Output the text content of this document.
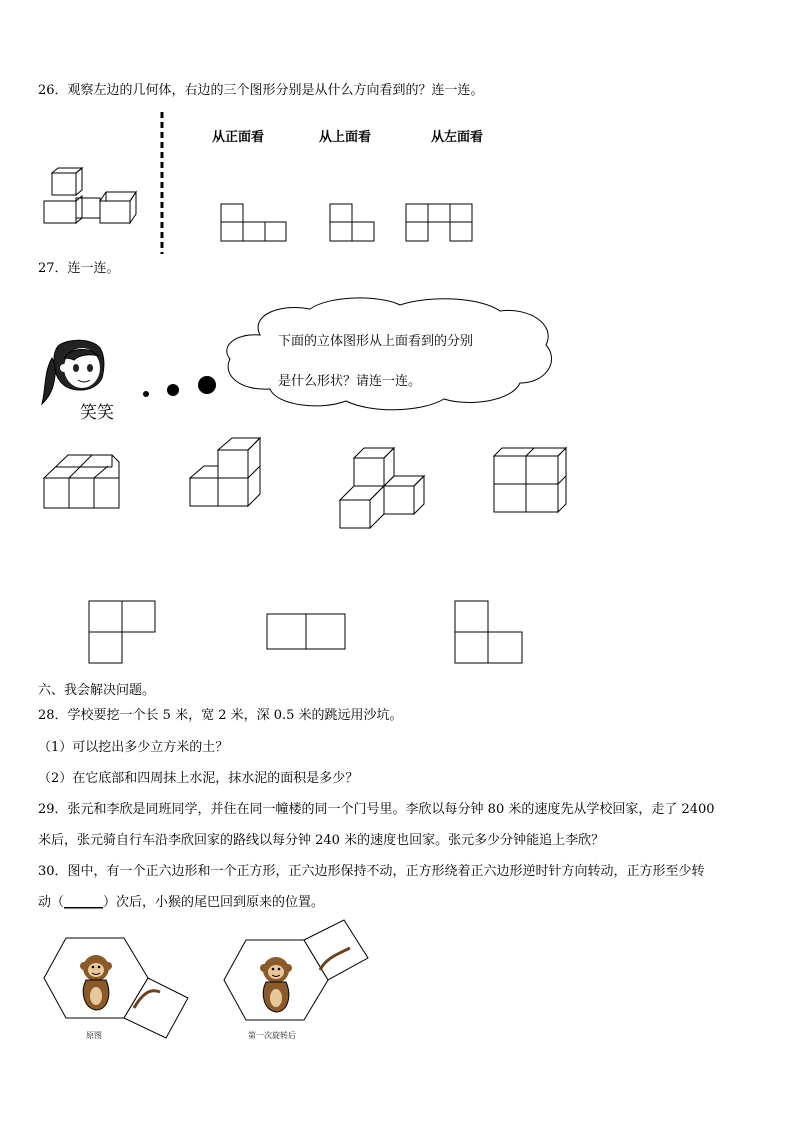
26．观察左边的几何体，右边的三个图形分别是从什么方向看到的？连一连。
从正面看	从上面看	从左面看
27．连一连。
笑笑
下面的立体图形从上面看到的分别
是什么形状？请连一连。
六、我会解决问题。
28．学校要挖一个长 5 米，宽 2 米，深 0.5 米的跳远用沙坑。
（1）可以挖出多少立方米的土？
（2）在它底部和四周抹上水泥，抹水泥的面积是多少？
29．张元和李欣是同班同学，并住在同一幢楼的同一个门号里。李欣以每分钟 80 米的速度先从学校回家，走了 2400
米后，张元骑自行车沿李欣回家的路线以每分钟 240 米的速度也回家。张元多少分钟能追上李欣？
30．图中，有一个正六边形和一个正方形，正六边形保持不动，正方形绕着正六边形逆时针方向转动，正方形至少转
动（______）次后，小猴的尾巴回到原来的位置。
原图	第一次旋转后
